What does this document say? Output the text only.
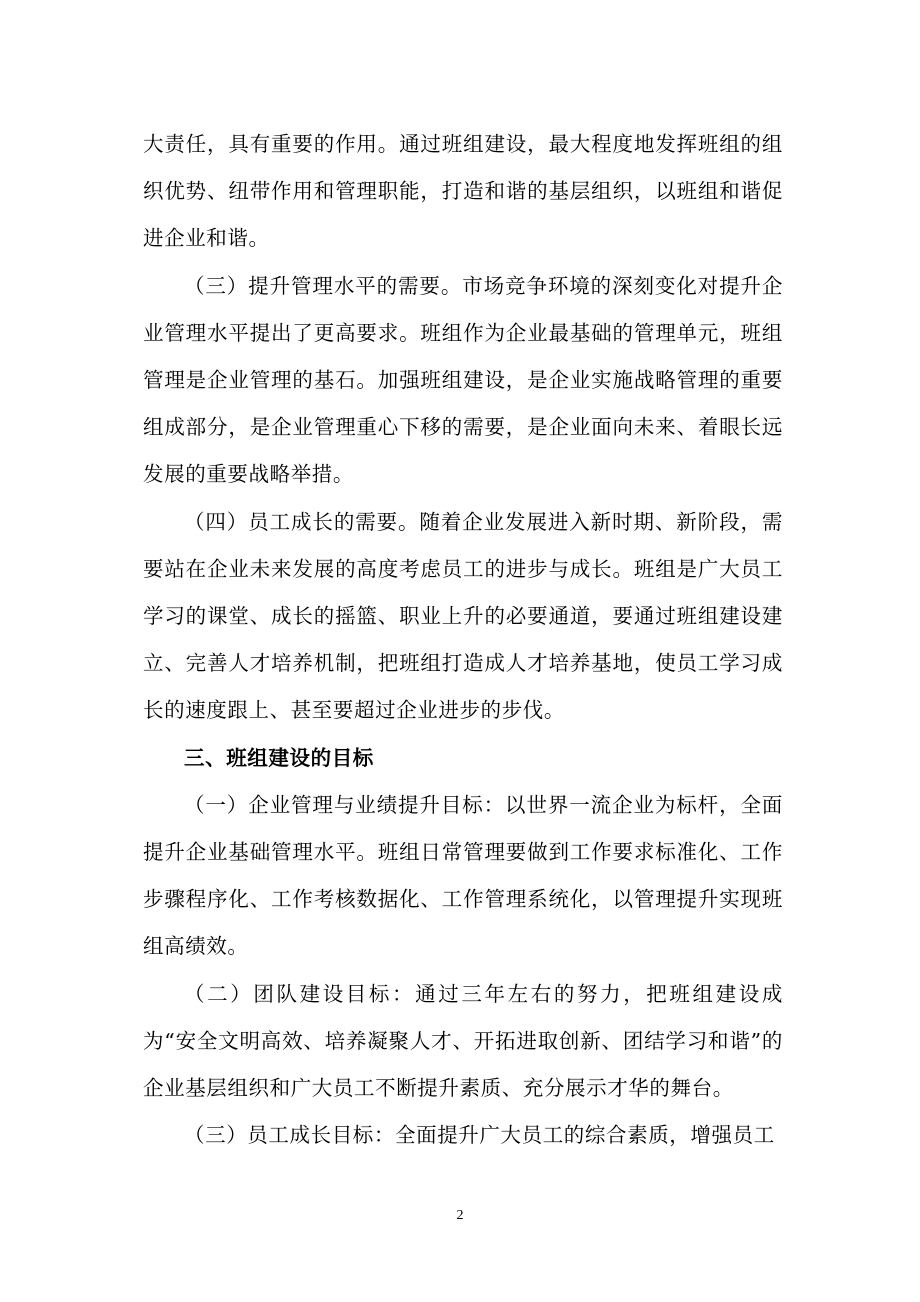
大责任，具有重要的作用。通过班组建设，最大程度地发挥班组的组织优势、纽带作用和管理职能，打造和谐的基层组织，以班组和谐促进企业和谐。

（三）提升管理水平的需要。市场竞争环境的深刻变化对提升企业管理水平提出了更高要求。班组作为企业最基础的管理单元，班组管理是企业管理的基石。加强班组建设，是企业实施战略管理的重要组成部分，是企业管理重心下移的需要，是企业面向未来、着眼长远发展的重要战略举措。

（四）员工成长的需要。随着企业发展进入新时期、新阶段，需要站在企业未来发展的高度考虑员工的进步与成长。班组是广大员工学习的课堂、成长的摇篮、职业上升的必要通道，要通过班组建设建立、完善人才培养机制，把班组打造成人才培养基地，使员工学习成长的速度跟上、甚至要超过企业进步的步伐。

三、班组建设的目标

（一）企业管理与业绩提升目标：以世界一流企业为标杆，全面提升企业基础管理水平。班组日常管理要做到工作要求标准化、工作步骤程序化、工作考核数据化、工作管理系统化，以管理提升实现班组高绩效。

（二）团队建设目标：通过三年左右的努力，把班组建设成为“安全文明高效、培养凝聚人才、开拓进取创新、团结学习和谐”的企业基层组织和广大员工不断提升素质、充分展示才华的舞台。

（三）员工成长目标：全面提升广大员工的综合素质，增强员工

2
